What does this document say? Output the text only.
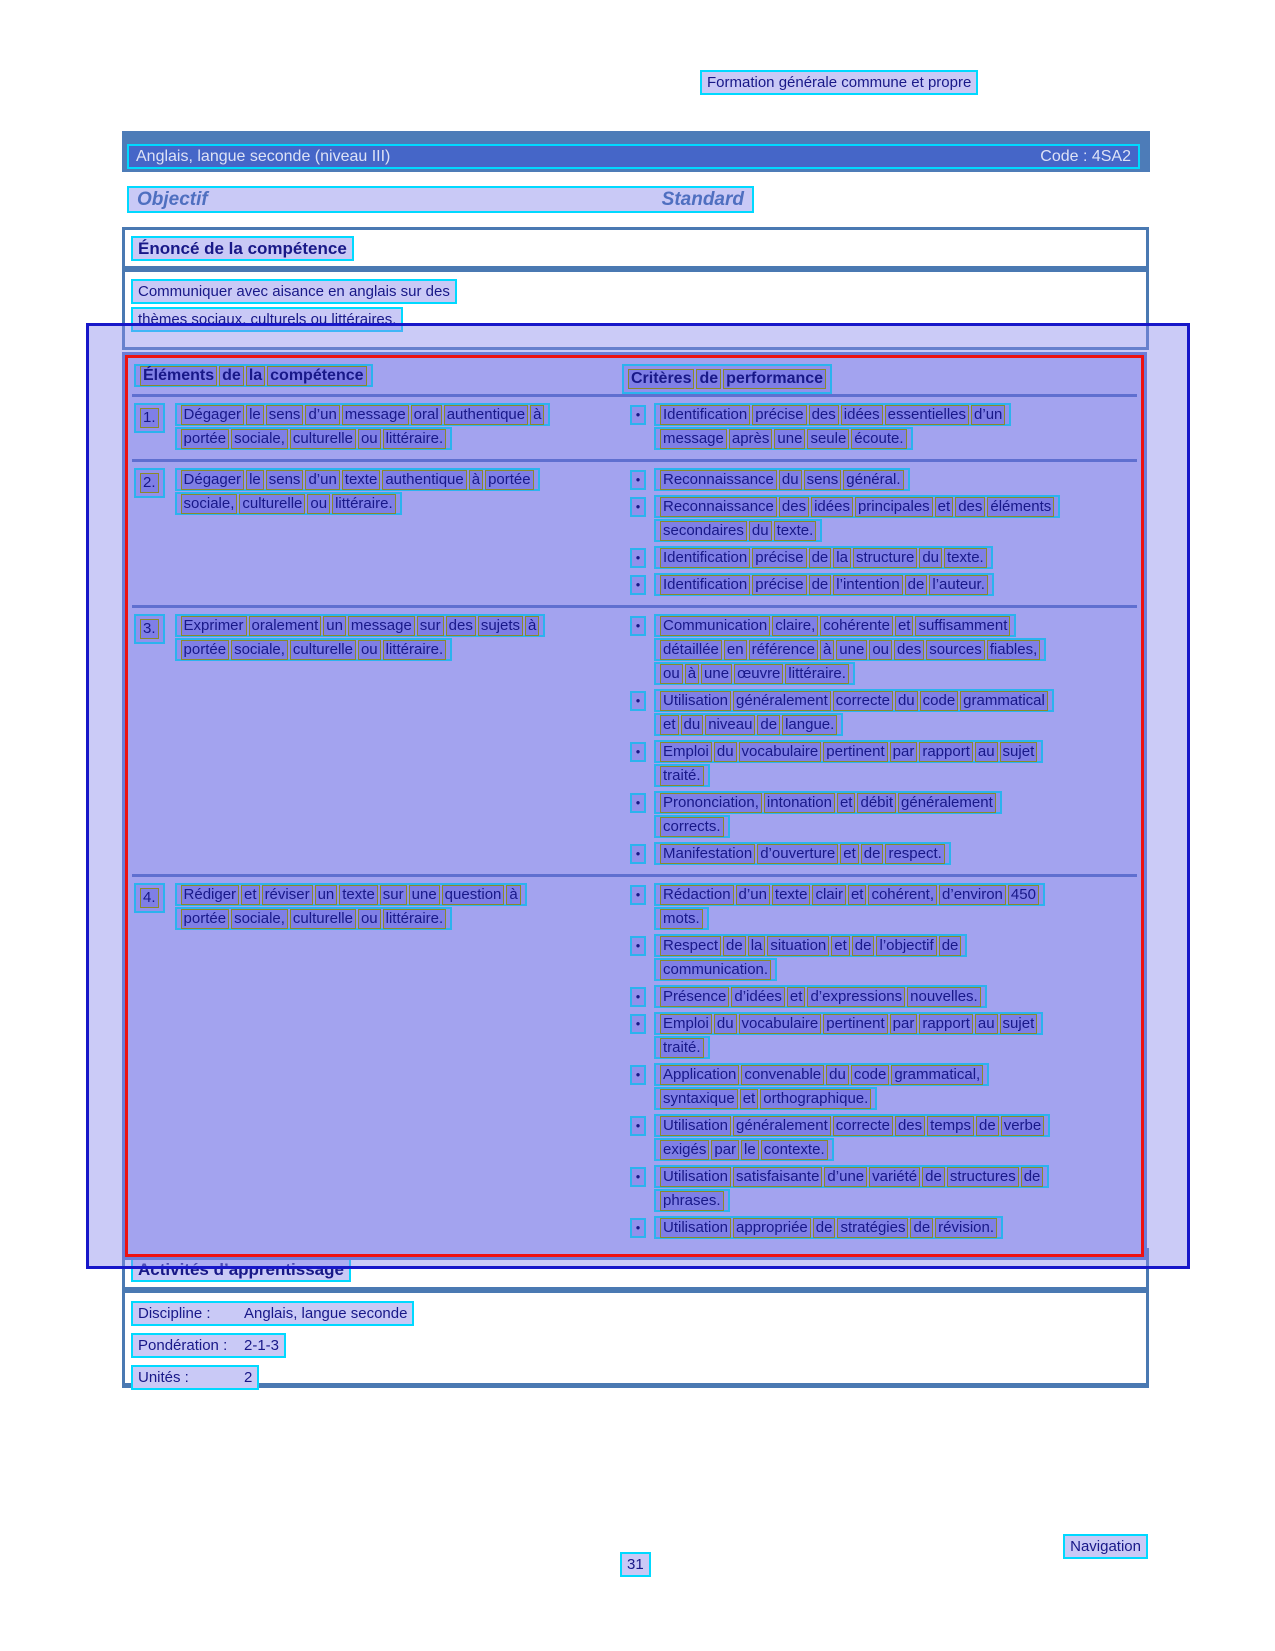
Formation générale commune et propre
Anglais, langue seconde (niveau III)	Code : 4SA2
Objectif	Standard
Énoncé de la compétence
Communiquer avec aisance en anglais sur des
thèmes sociaux, culturels ou littéraires.
Éléments de la compétence	Critères de performance
1.	Dégager le sens d’un message oral authentique àportée sociale, culturelle ou littéraire.
●	Identification précise des idées essentielles d’unmessage après une seule écoute.
2.	Dégager le sens d’un texte authentique à portéesociale, culturelle ou littéraire.
●	Reconnaissance du sens général.
●	Reconnaissance des idées principales et des élémentssecondaires du texte.
●	Identification précise de la structure du texte.
●	Identification précise de l’intention de l’auteur.
3.	Exprimer oralement un message sur des sujets àportée sociale, culturelle ou littéraire.
●	Communication claire, cohérente et suffisammentdétaillée en référence à une ou des sources fiables,ou à une œuvre littéraire.
●	Utilisation généralement correcte du code grammaticalet du niveau de langue.
●	Emploi du vocabulaire pertinent par rapport au sujettraité.
●	Prononciation, intonation et débit généralementcorrects.
●	Manifestation d’ouverture et de respect.
4.	Rédiger et réviser un texte sur une question àportée sociale, culturelle ou littéraire.
●	Rédaction d’un texte clair et cohérent, d’environ 450mots.
●	Respect de la situation et de l’objectif decommunication.
●	Présence d’idées et d’expressions nouvelles.
●	Emploi du vocabulaire pertinent par rapport au sujettraité.
●	Application convenable du code grammatical,syntaxique et orthographique.
●	Utilisation généralement correcte des temps de verbeexigés par le contexte.
●	Utilisation satisfaisante d’une variété de structures dephrases.
●	Utilisation appropriée de stratégies de révision.
Activités d’apprentissage
Discipline : Anglais, langue seconde
Pondération : 2-1-3
Unités :	2
Navigation
31
